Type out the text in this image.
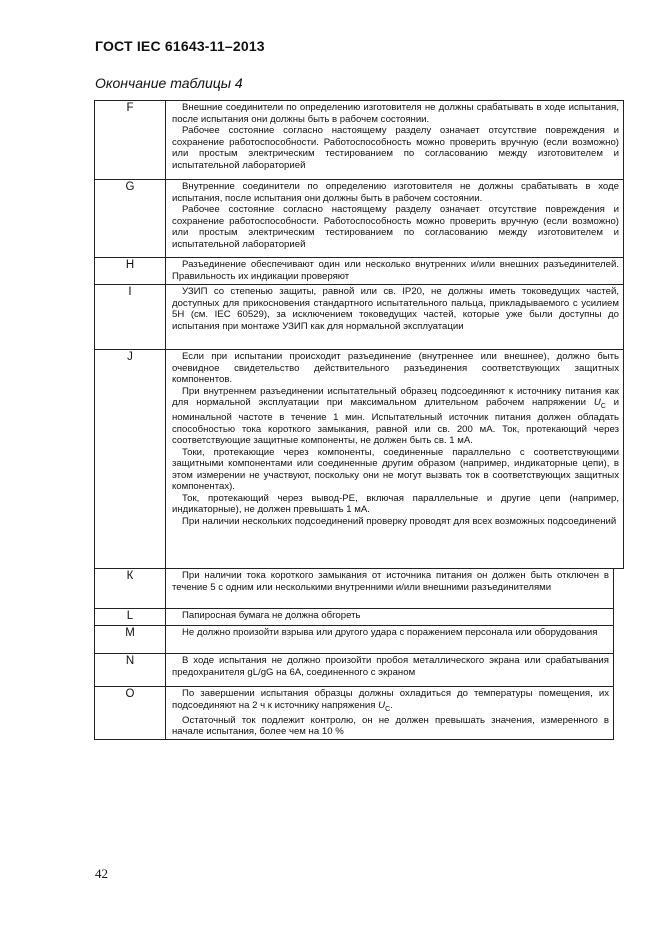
ГОСТ IEC 61643-11–2013
Окончание таблицы 4
F	Внешние соединители по определению изготовителя не должны срабатывать в ходе испытания, после испытания они должны быть в рабочем состоянии.

Рабочее состояние согласно настоящему разделу означает отсутствие повреждения и сохранение работоспособности. Работоспособность можно проверить вручную (если возможно) или простым электрическим тестированием по согласованию между изготовителем и испытательной лабораторией

G	Внутренние соединители по определению изготовителя не должны срабатывать в ходе испытания, после испытания они должны быть в рабочем состоянии.

Рабочее состояние согласно настоящему разделу означает отсутствие повреждения и сохранение работоспособности. Работоспособность можно проверить вручную (если возможно) или простым электрическим тестированием по согласованию между изготовителем и испытательной лабораторией

H	Разъединение обеспечивают один или несколько внутренних и/или внешних разъединителей. Правильность их индикации проверяют

I	УЗИП со степенью защиты, равной или св. IP20, не должны иметь токоведущих частей, доступных для прикосновения стандартного испытательного пальца, прикладываемого с усилием 5Н (см. IEC 60529), за исключением токоведущих частей, которые уже были доступны до испытания при монтаже УЗИП как для нормальной эксплуатации

J	Если при испытании происходит разъединение (внутреннее или внешнее), должно быть очевидное свидетельство действительного разъединения соответствующих защитных компонентов.

При внутреннем разъединении испытательный образец подсоединяют к источнику питания как для нормальной эксплуатации при максимальном длительном рабочем напряжении $U_C$ и номинальной частоте в течение 1 мин. Испытательный источник питания должен обладать способностью тока короткого замыкания, равной или св. 200 мА. Ток, протекающий через соответствующие защитные компоненты, не должен быть св. 1 мА.

Токи, протекающие через компоненты, соединенные параллельно с соответствующими защитными компонентами или соединенные другим образом (например, индикаторные цепи), в этом измерении не участвуют, поскольку они не могут вызвать ток в соответствующих защитных компонентах).

Ток, протекающий через вывод-PE, включая параллельные и другие цепи (например, индикаторные), не должен превышать 1 мА.

При наличии нескольких подсоединений проверку проводят для всех возможных подсоединений

К	При наличии тока короткого замыкания от источника питания он должен быть отключен в течение 5 с одним или несколькими внутренними и/или внешними разъединителями

L	Папиросная бумага не должна обгореть

M	Не должно произойти взрыва или другого удара с поражением персонала или оборудования

N	В ходе испытания не должно произойти пробоя металлического экрана или срабатывания предохранителя gL/gG на 6А, соединенного с экраном

O	По завершении испытания образцы должны охладиться до температуры помещения, их подсоединяют на 2 ч к источнику напряжения $U_C$.

Остаточный ток подлежит контролю, он не должен превышать значения, измеренного в начале испытания, более чем на 10 %

42
